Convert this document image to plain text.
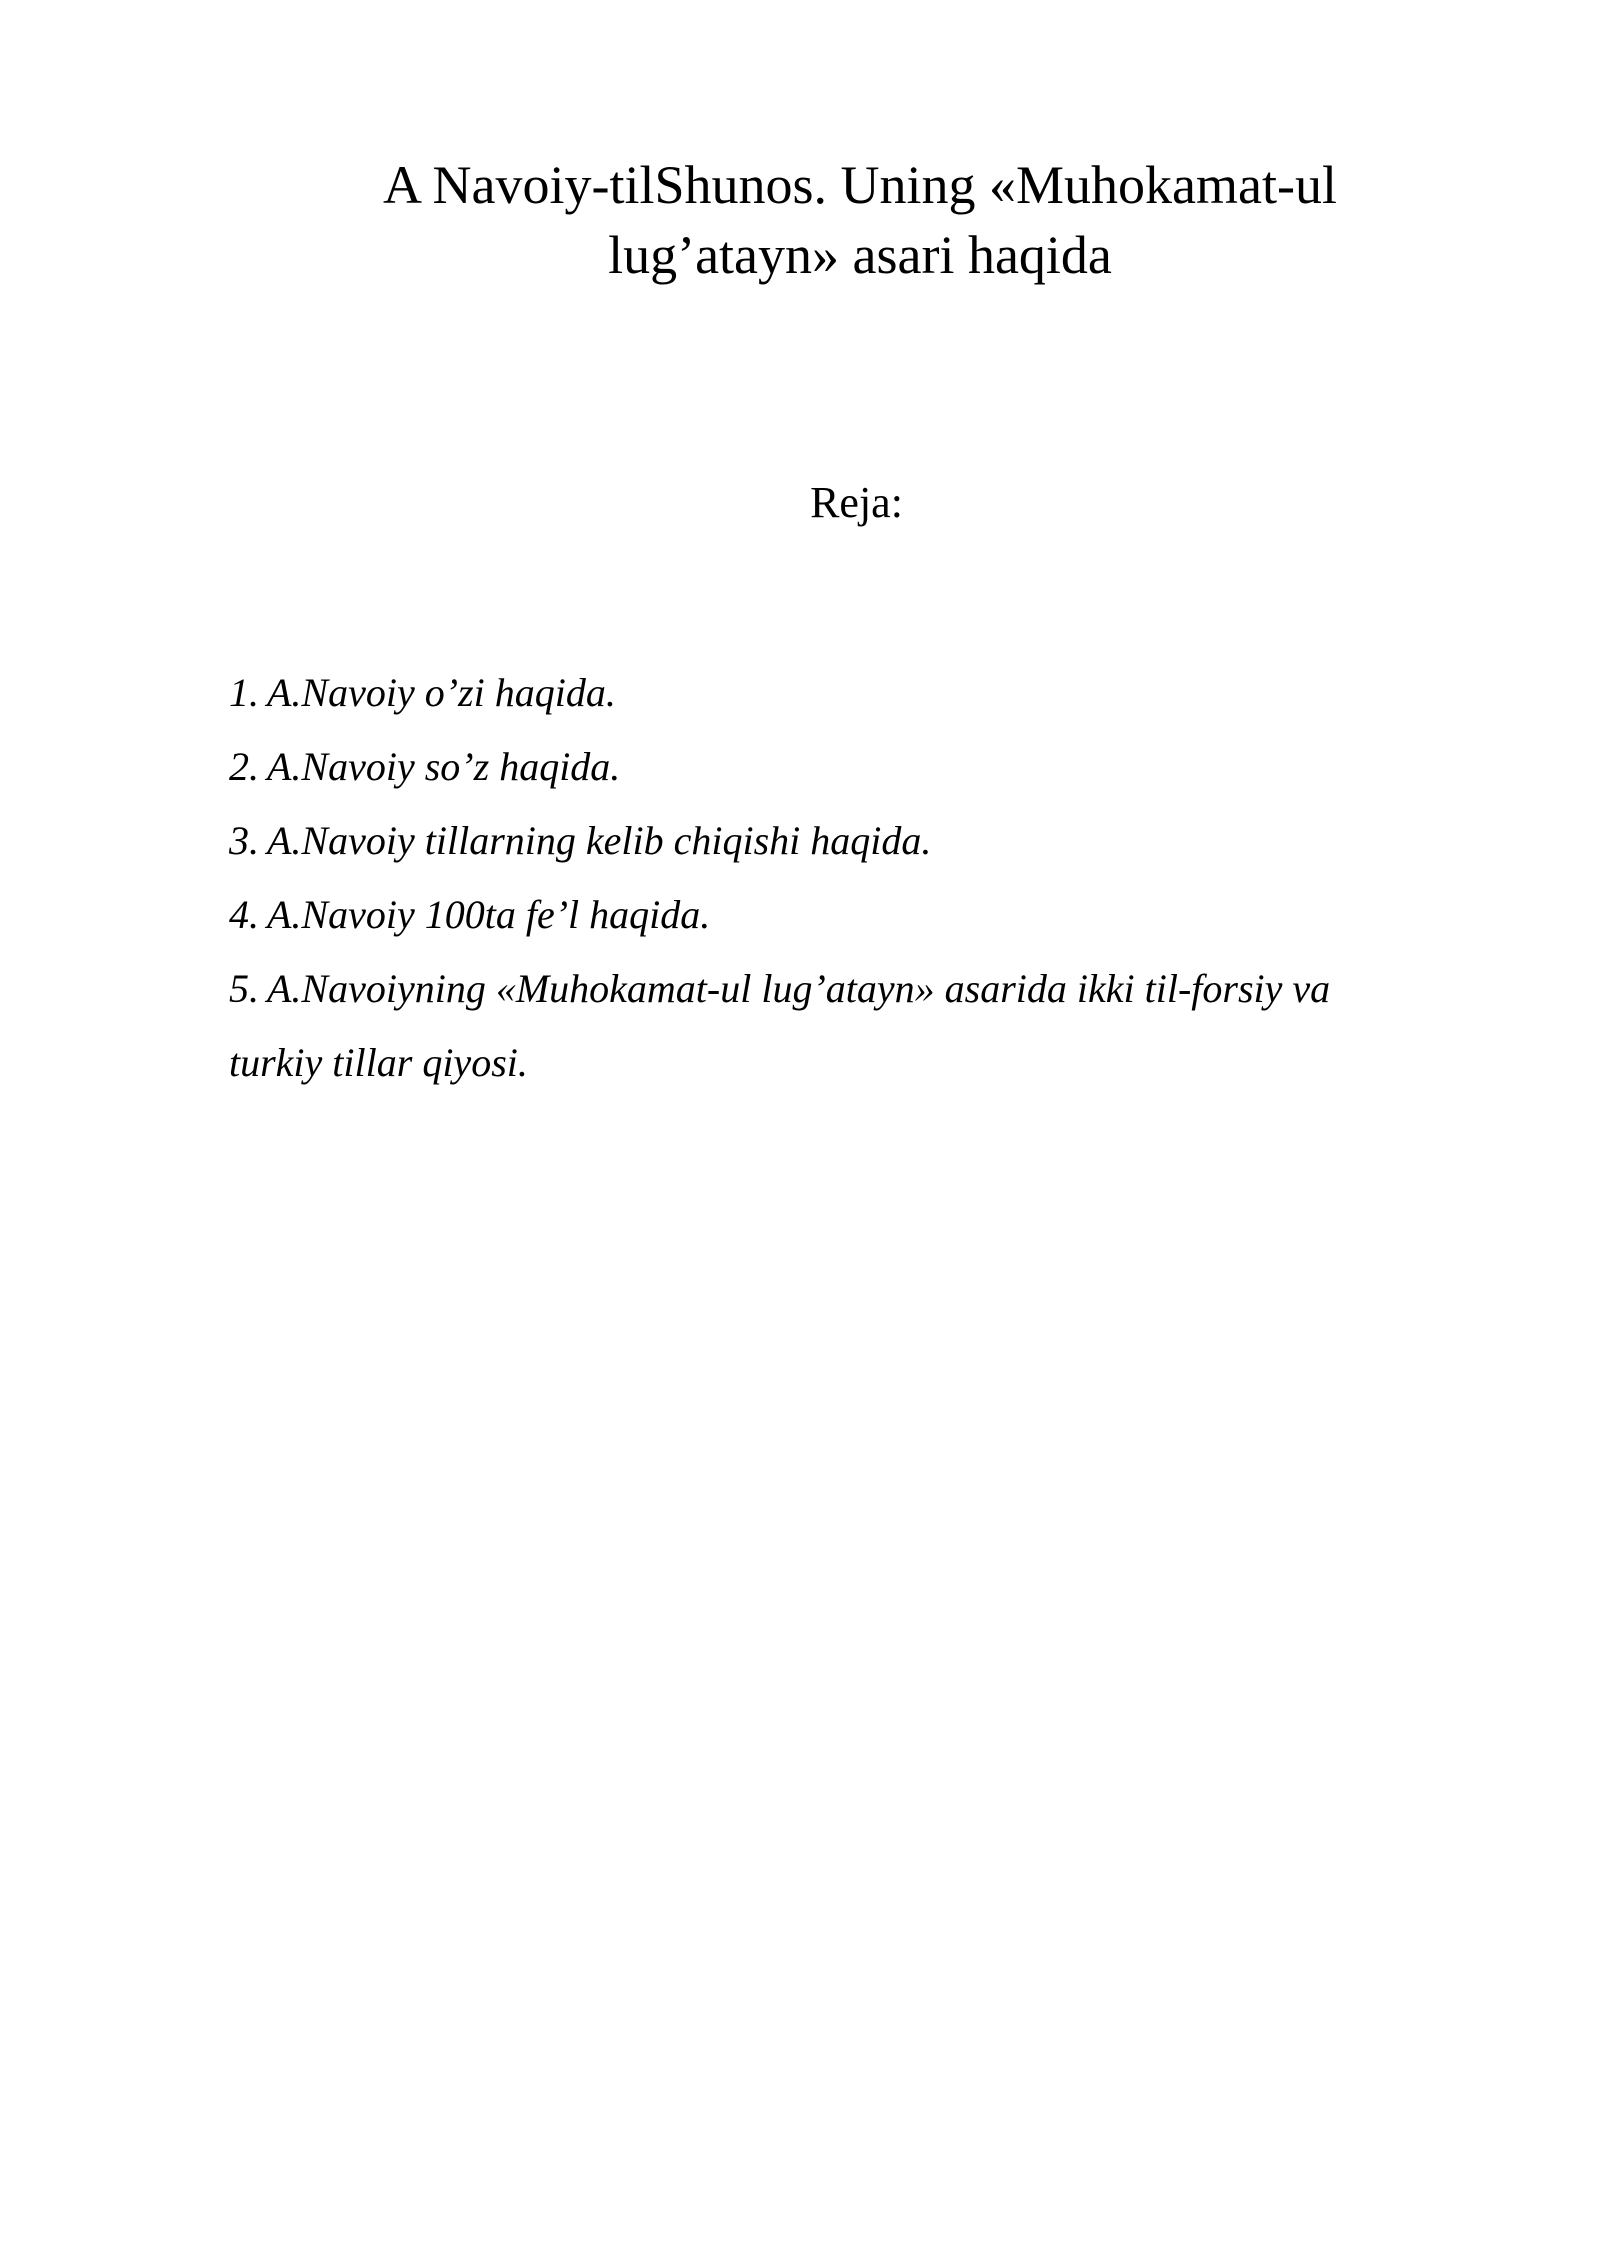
A Navoiy-tilShunos. Uning «Muhokamat-ul
lug’atayn» asari haqida
Reja:
1. A.Navoiy o’zi haqida.
2. A.Navoiy so’z haqida.
3. A.Navoiy tillarning kelib chiqishi haqida.
4. A.Navoiy 100ta fe’l haqida.
5. A.Navoiyning «Muhokamat-ul lug’atayn» asarida ikki til-forsiy va
turkiy tillar qiyosi.
